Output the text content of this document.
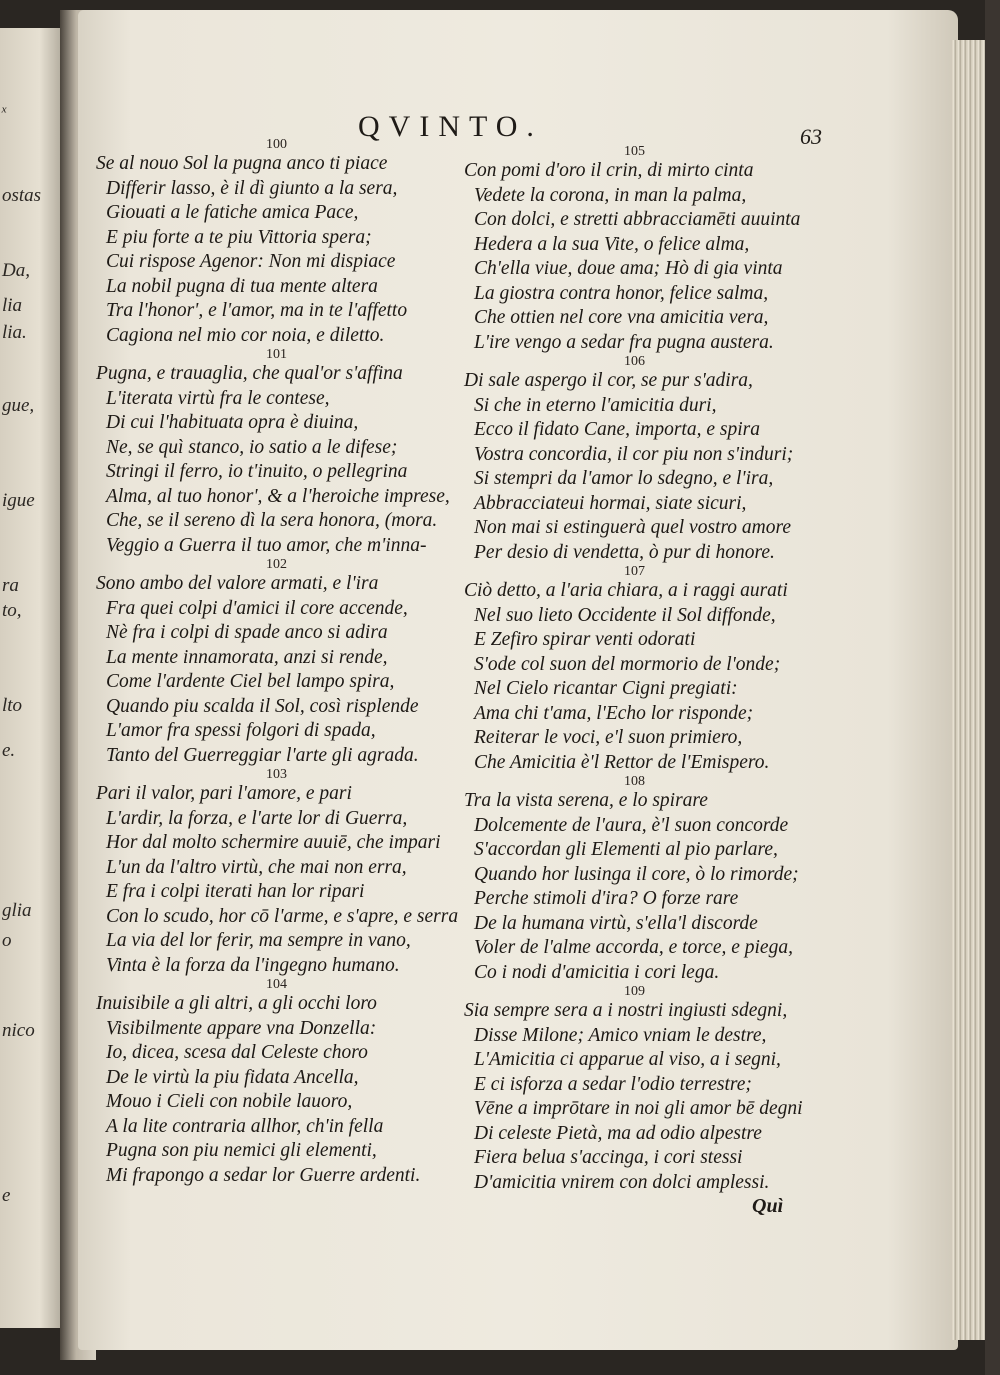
ₓ
ostas
Da,
lia
lia.
gue,
igue
ra
to,
lto
e.
glia
o
nico
e
QVINTO.	63
100
Se al nouo Sol la pugna anco ti piace
Differir lasso, è il dì giunto a la sera,
Giouati a le fatiche amica Pace,
E piu forte a te piu Vittoria spera;
Cui rispose Agenor: Non mi dispiace
La nobil pugna di tua mente altera
Tra l'honor', e l'amor, ma in te l'affetto
Cagiona nel mio cor noia, e diletto.
101
Pugna, e trauaglia, che qual'or s'affina
L'iterata virtù fra le contese,
Di cui l'habituata opra è diuina,
Ne, se quì stanco, io satio a le difese;
Stringi il ferro, io t'inuito, o pellegrina
Alma, al tuo honor', & a l'heroiche imprese,
Che, se il sereno dì la sera honora, (mora.
Veggio a Guerra il tuo amor, che m'inna-
102
Sono ambo del valore armati, e l'ira
Fra quei colpi d'amici il core accende,
Nè fra i colpi di spade anco si adira
La mente innamorata, anzi si rende,
Come l'ardente Ciel bel lampo spira,
Quando piu scalda il Sol, così risplende
L'amor fra spessi folgori di spada,
Tanto del Guerreggiar l'arte gli agrada.
103
Pari il valor, pari l'amore, e pari
L'ardir, la forza, e l'arte lor di Guerra,
Hor dal molto schermire auuiē, che impari
L'un da l'altro virtù, che mai non erra,
E fra i colpi iterati han lor ripari
Con lo scudo, hor cō l'arme, e s'apre, e serra
La via del lor ferir, ma sempre in vano,
Vinta è la forza da l'ingegno humano.
104
Inuisibile a gli altri, a gli occhi loro
Visibilmente appare vna Donzella:
Io, dicea, scesa dal Celeste choro
De le virtù la piu fidata Ancella,
Mouo i Cieli con nobile lauoro,
A la lite contraria allhor, ch'in fella
Pugna son piu nemici gli elementi,
Mi frapongo a sedar lor Guerre ardenti.
105
Con pomi d'oro il crin, di mirto cinta
Vedete la corona, in man la palma,
Con dolci, e stretti abbracciamēti auuinta
Hedera a la sua Vite, o felice alma,
Ch'ella viue, doue ama; Hò di gia vinta
La giostra contra honor, felice salma,
Che ottien nel core vna amicitia vera,
L'ire vengo a sedar fra pugna austera.
106
Di sale aspergo il cor, se pur s'adira,
Si che in eterno l'amicitia duri,
Ecco il fidato Cane, importa, e spira
Vostra concordia, il cor piu non s'induri;
Si stempri da l'amor lo sdegno, e l'ira,
Abbracciateui hormai, siate sicuri,
Non mai si estinguerà quel vostro amore
Per desio di vendetta, ò pur di honore.
107
Ciò detto, a l'aria chiara, a i raggi aurati
Nel suo lieto Occidente il Sol diffonde,
E Zefiro spirar venti odorati
S'ode col suon del mormorio de l'onde;
Nel Cielo ricantar Cigni pregiati:
Ama chi t'ama, l'Echo lor risponde;
Reiterar le voci, e'l suon primiero,
Che Amicitia è'l Rettor de l'Emispero.
108
Tra la vista serena, e lo spirare
Dolcemente de l'aura, è'l suon concorde
S'accordan gli Elementi al pio parlare,
Quando hor lusinga il core, ò lo rimorde;
Perche stimoli d'ira? O forze rare
De la humana virtù, s'ella'l discorde
Voler de l'alme accorda, e torce, e piega,
Co i nodi d'amicitia i cori lega.
109
Sia sempre sera a i nostri ingiusti sdegni,
Disse Milone; Amico vniam le destre,
L'Amicitia ci apparue al viso, a i segni,
E ci isforza a sedar l'odio terrestre;
Vēne a imprōtare in noi gli amor bē degni
Di celeste Pietà, ma ad odio alpestre
Fiera belua s'accinga, i cori stessi
D'amicitia vnirem con dolci amplessi.
Quì
